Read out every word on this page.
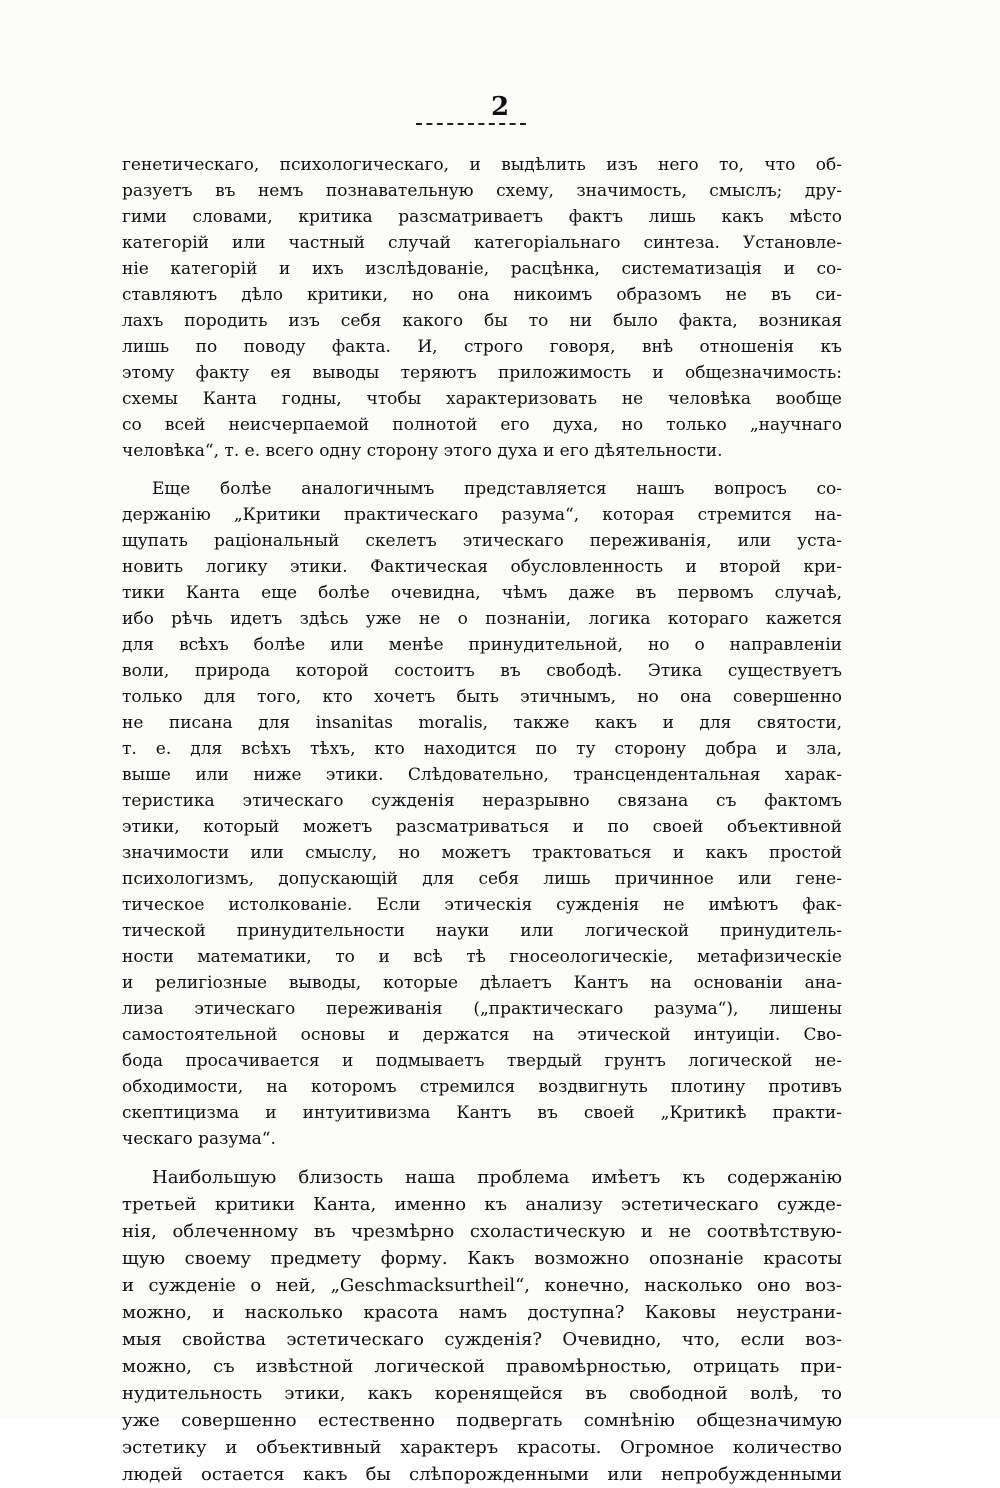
2
генетическаго, психологическаго, и выдѣлить изъ него то, что об-
разуетъ въ немъ познавательную схему, значимость, смыслъ; дру-
гими словами, критика разсматриваетъ фактъ лишь какъ мѣсто
категорій или частный случай категоріальнаго синтеза. Установле-
ніе категорій и ихъ изслѣдованіе, расцѣнка, систематизація и со-
ставляютъ дѣло критики, но она никоимъ образомъ не въ си-
лахъ породить изъ себя какого бы то ни было факта, возникая
лишь по поводу факта. И, строго говоря, внѣ отношенія къ
этому факту ея выводы теряютъ приложимость и общезначимость:
схемы Канта годны, чтобы характеризовать не человѣка вообще
со всей неисчерпаемой полнотой его духа, но только „научнаго
человѣка“, т. е. всего одну сторону этого духа и его дѣятельности.
Еще болѣе аналогичнымъ представляется нашъ вопросъ со-
держанію „Критики практическаго разума“, которая стремится на-
щупать раціональный скелетъ этическаго переживанія, или уста-
новить логику этики. Фактическая обусловленность и второй кри-
тики Канта еще болѣе очевидна, чѣмъ даже въ первомъ случаѣ,
ибо рѣчь идетъ здѣсь уже не о познаніи, логика котораго кажется
для всѣхъ болѣе или менѣе принудительной, но о направленіи
воли, природа которой состоитъ въ свободѣ. Этика существуетъ
только для того, кто хочетъ быть этичнымъ, но она совершенно
не писана для insanitas moralis, также какъ и для святости,
т. е. для всѣхъ тѣхъ, кто находится по ту сторону добра и зла,
выше или ниже этики. Слѣдовательно, трансцендентальная харак-
теристика этическаго сужденія неразрывно связана съ фактомъ
этики, который можетъ разсматриваться и по своей объективной
значимости или смыслу, но можетъ трактоваться и какъ простой
психологизмъ, допускающій для себя лишь причинное или гене-
тическое истолкованіе. Если этическія сужденія не имѣютъ фак-
тической принудительности науки или логической принудитель-
ности математики, то и всѣ тѣ гносеологическіе, метафизическіе
и религіозные выводы, которые дѣлаетъ Кантъ на основаніи ана-
лиза этическаго переживанія („практическаго разума“), лишены
самостоятельной основы и держатся на этической интуиціи. Сво-
бода просачивается и подмываетъ твердый грунтъ логической не-
обходимости, на которомъ стремился воздвигнуть плотину противъ
скептицизма и интуитивизма Кантъ въ своей „Критикѣ практи-
ческаго разума“.
Наибольшую близость наша проблема имѣетъ къ содержанію
третьей критики Канта, именно къ анализу эстетическаго сужде-
нія, облеченному въ чрезмѣрно схоластическую и не соотвѣтствую-
щую своему предмету форму. Какъ возможно опознаніе красоты
и сужденіе о ней, „Geschmacksurtheil“, конечно, насколько оно воз-
можно, и насколько красота намъ доступна? Каковы неустрани-
мыя свойства эстетическаго сужденія? Очевидно, что, если воз-
можно, съ извѣстной логической правомѣрностью, отрицать при-
нудительность этики, какъ коренящейся въ свободной волѣ, то
уже совершенно естественно подвергать сомнѣнію общезначимую
эстетику и объективный характеръ красоты. Огромное количество
людей остается какъ бы слѣпорожденными или непробужденными
